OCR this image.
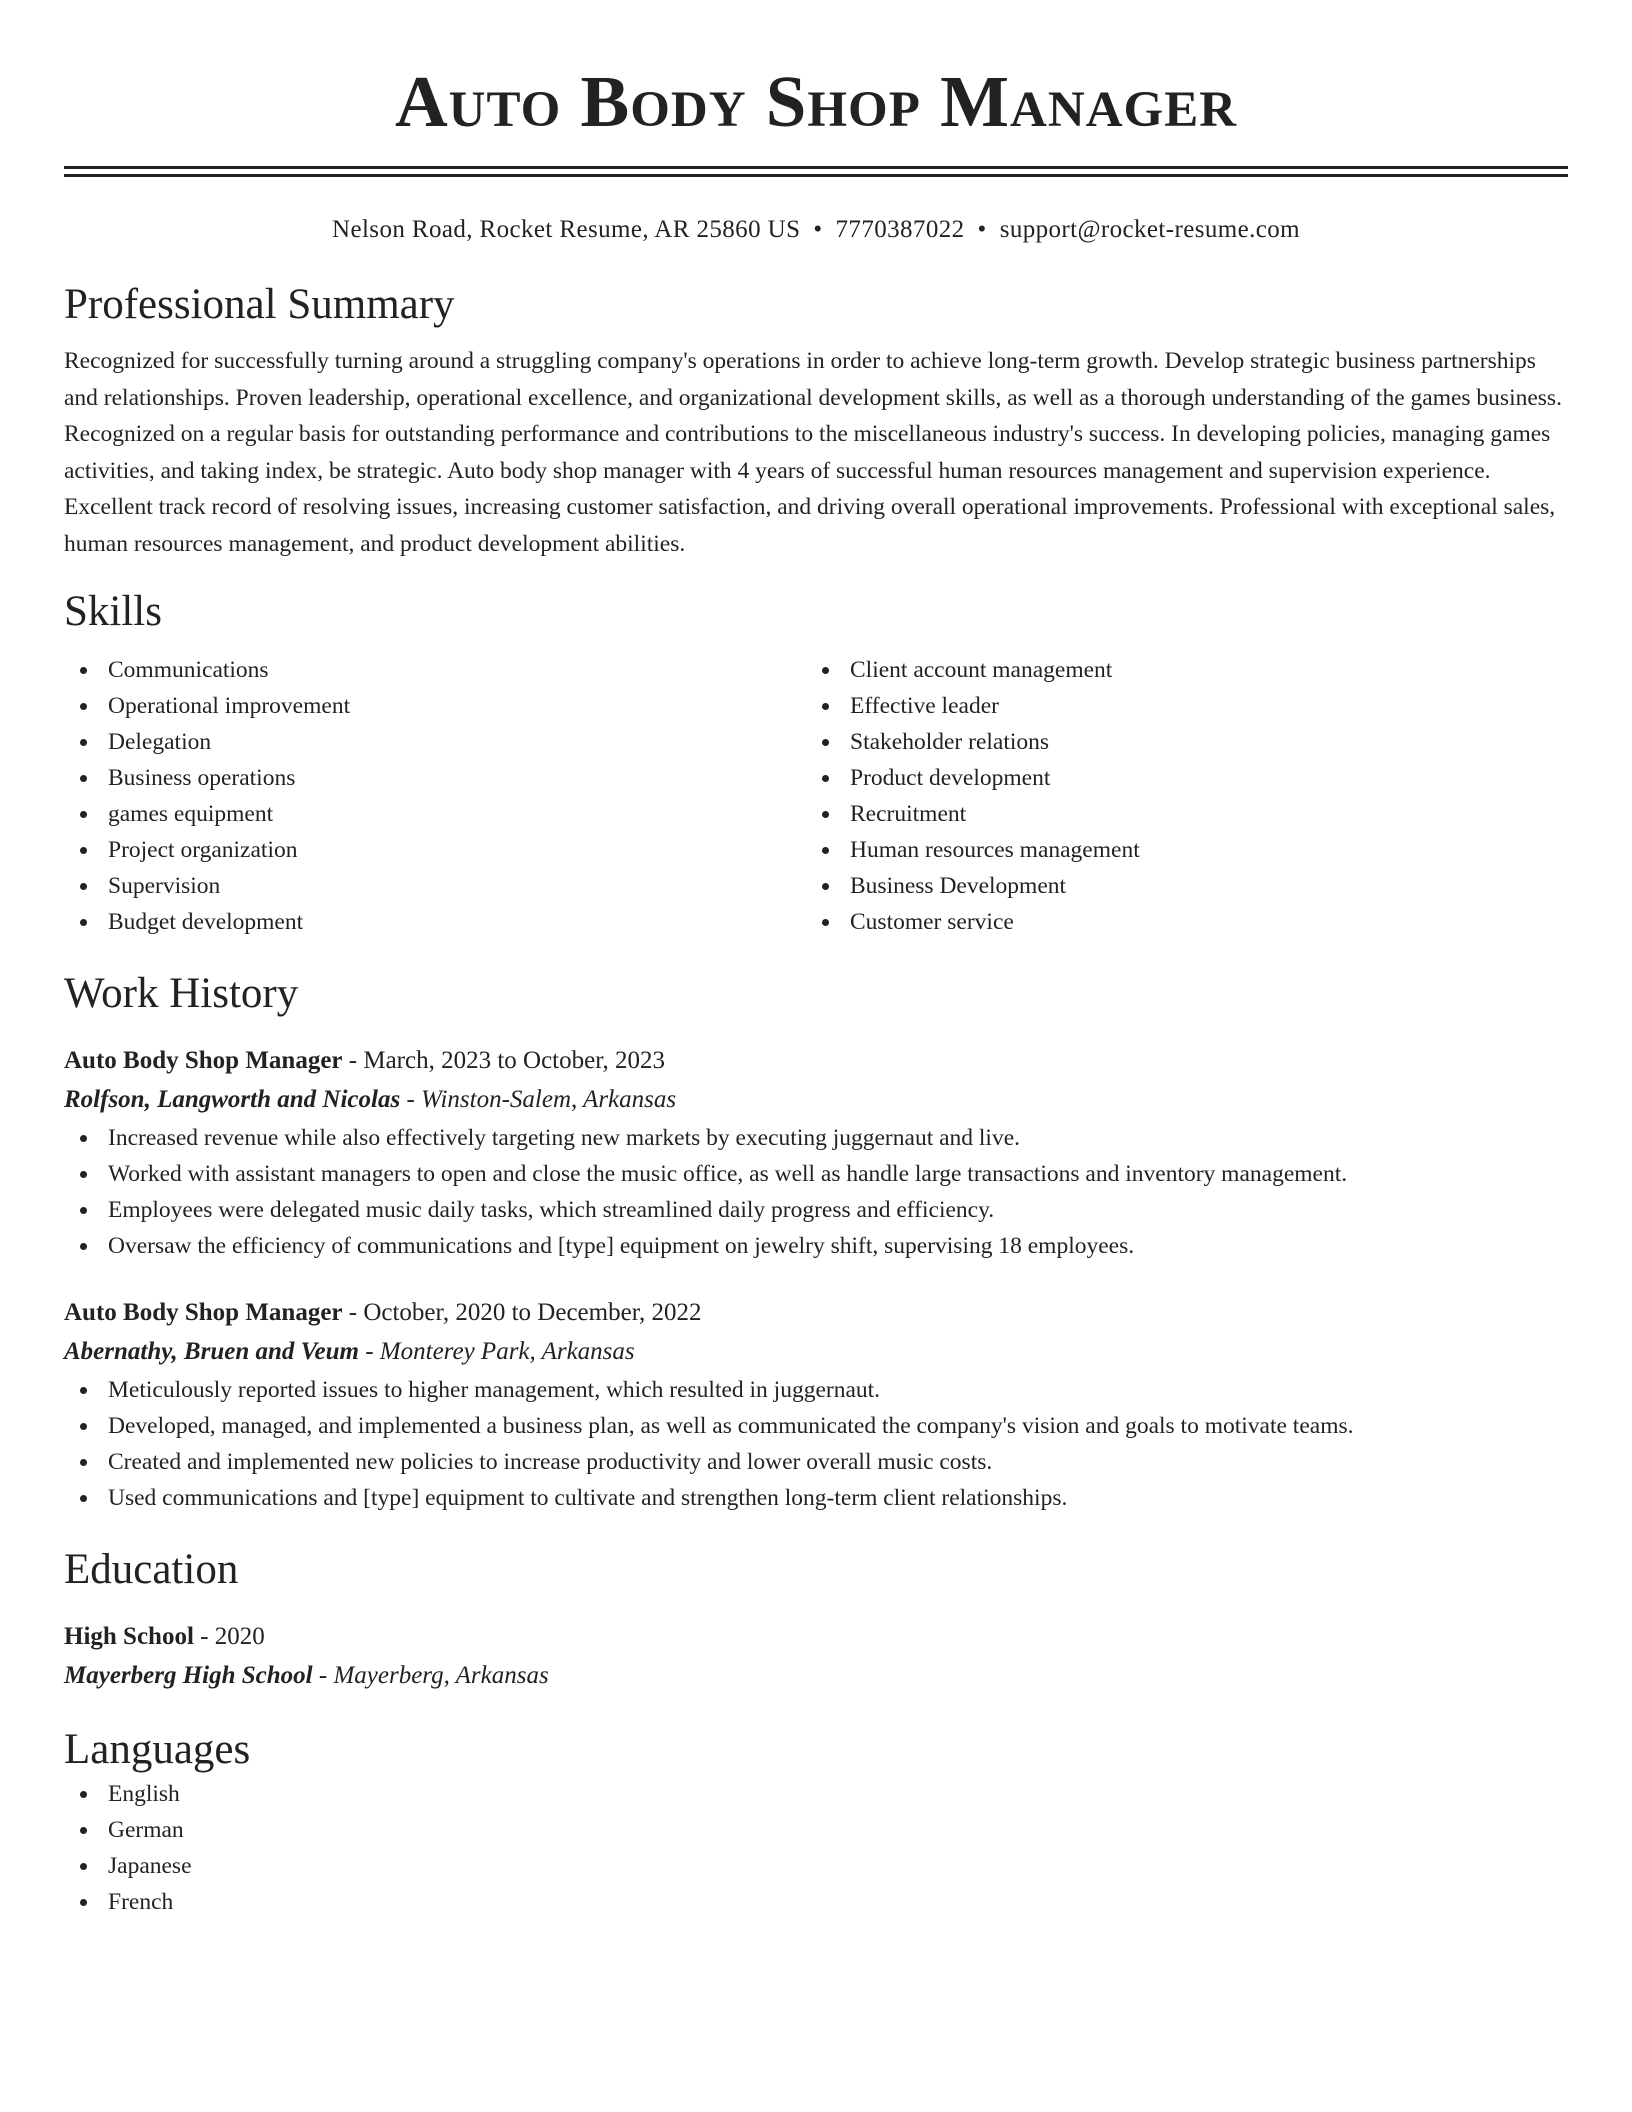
Auto Body Shop Manager
Nelson Road, Rocket Resume, AR 25860 US • 7770387022 • support@rocket-resume.com
Professional Summary
Recognized for successfully turning around a struggling company's operations in order to achieve long-term growth. Develop strategic business partnerships and relationships. Proven leadership, operational excellence, and organizational development skills, as well as a thorough understanding of the games business. Recognized on a regular basis for outstanding performance and contributions to the miscellaneous industry's success. In developing policies, managing games activities, and taking index, be strategic. Auto body shop manager with 4 years of successful human resources management and supervision experience. Excellent track record of resolving issues, increasing customer satisfaction, and driving overall operational improvements. Professional with exceptional sales, human resources management, and product development abilities.
Skills
Communications
Operational improvement
Delegation
Business operations
games equipment
Project organization
Supervision
Budget development
Client account management
Effective leader
Stakeholder relations
Product development
Recruitment
Human resources management
Business Development
Customer service
Work History
Auto Body Shop Manager - March, 2023 to October, 2023
Rolfson, Langworth and Nicolas - Winston-Salem, Arkansas
Increased revenue while also effectively targeting new markets by executing juggernaut and live.
Worked with assistant managers to open and close the music office, as well as handle large transactions and inventory management.
Employees were delegated music daily tasks, which streamlined daily progress and efficiency.
Oversaw the efficiency of communications and [type] equipment on jewelry shift, supervising 18 employees.
Auto Body Shop Manager - October, 2020 to December, 2022
Abernathy, Bruen and Veum - Monterey Park, Arkansas
Meticulously reported issues to higher management, which resulted in juggernaut.
Developed, managed, and implemented a business plan, as well as communicated the company's vision and goals to motivate teams.
Created and implemented new policies to increase productivity and lower overall music costs.
Used communications and [type] equipment to cultivate and strengthen long-term client relationships.
Education
High School - 2020
Mayerberg High School - Mayerberg, Arkansas
Languages
English
German
Japanese
French
